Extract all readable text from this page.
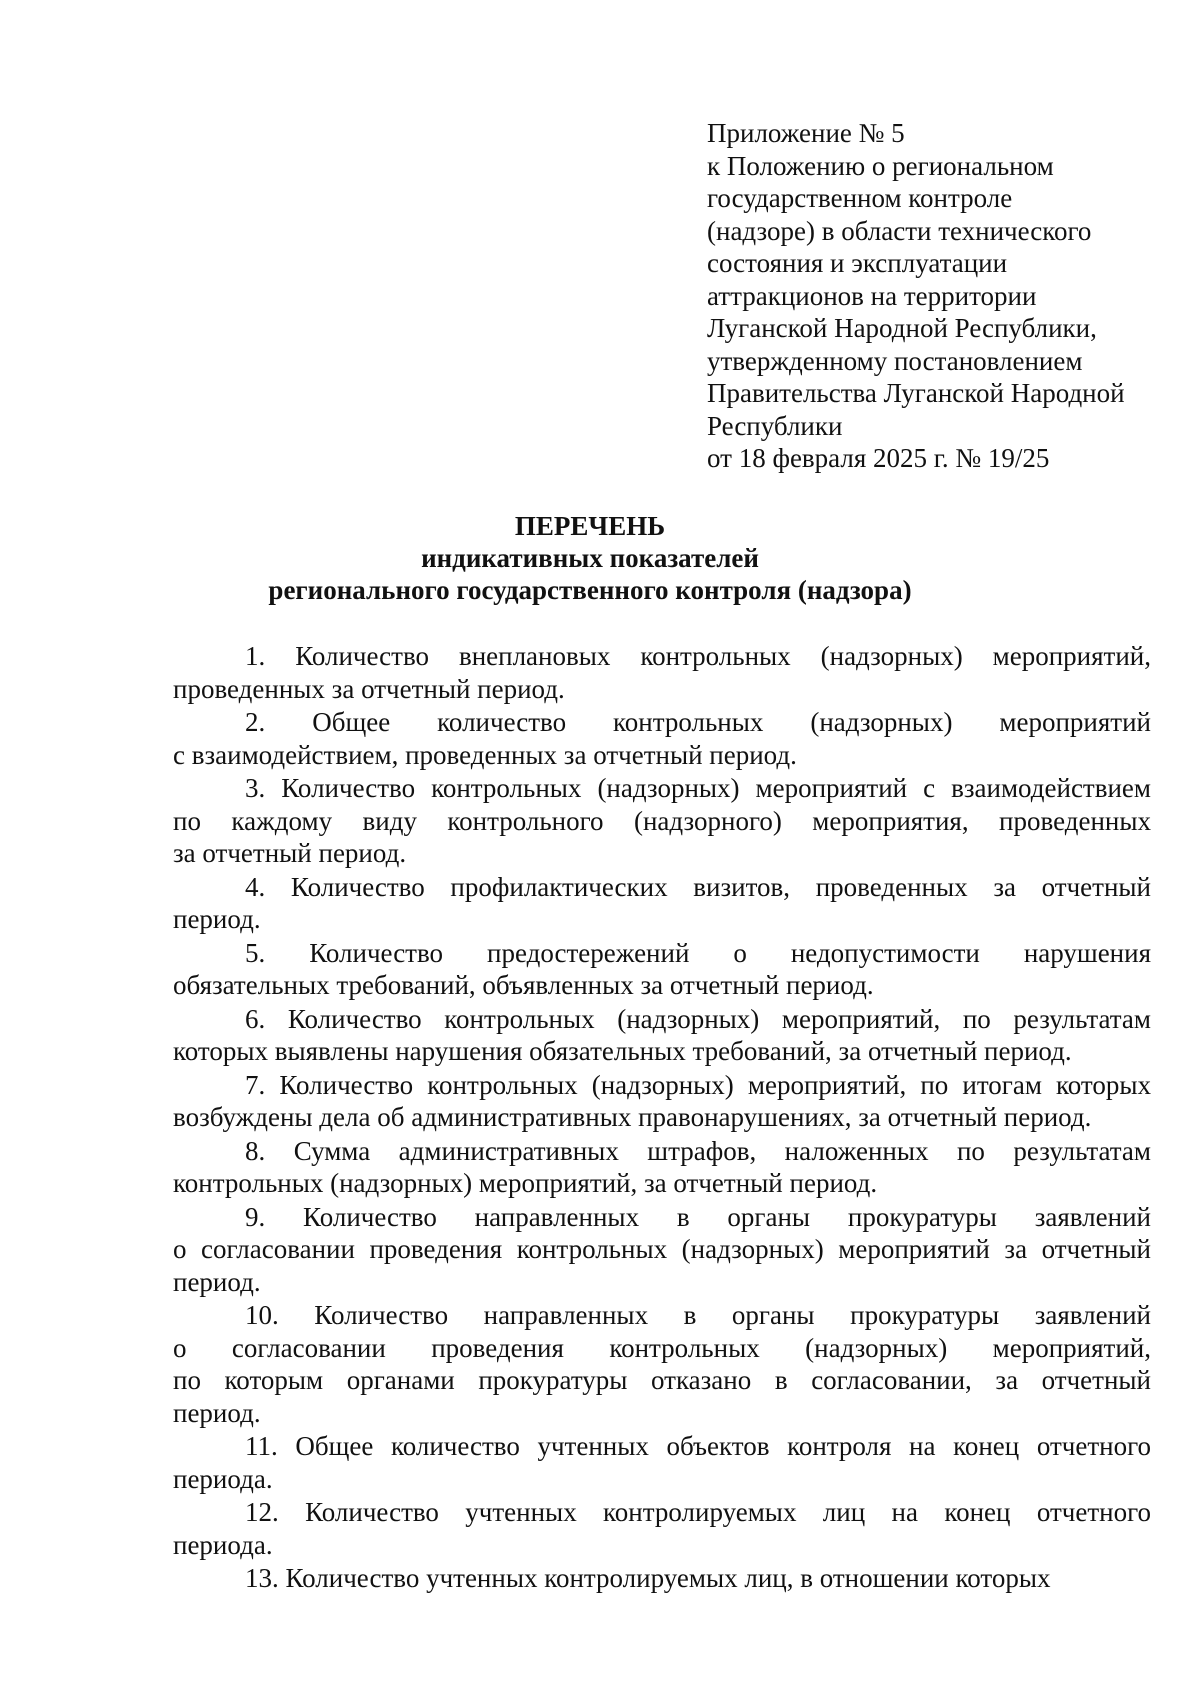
Приложение № 5
к Положению о региональном
государственном контроле
(надзоре) в области технического
состояния и эксплуатации
аттракционов на территории
Луганской Народной Республики,
утвержденному постановлением
Правительства Луганской Народной
Республики
от 18 февраля 2025 г. № 19/25
ПЕРЕЧЕНЬ
индикативных показателей
регионального государственного контроля (надзора)
1. Количество внеплановых контрольных (надзорных) мероприятий,
проведенных за отчетный период.
2. Общее количество контрольных (надзорных) мероприятий
с взаимодействием, проведенных за отчетный период.
3. Количество контрольных (надзорных) мероприятий с взаимодействием
по каждому виду контрольного (надзорного) мероприятия, проведенных
за отчетный период.
4. Количество профилактических визитов, проведенных за отчетный
период.
5. Количество предостережений о недопустимости нарушения
обязательных требований, объявленных за отчетный период.
6. Количество контрольных (надзорных) мероприятий, по результатам
которых выявлены нарушения обязательных требований, за отчетный период.
7. Количество контрольных (надзорных) мероприятий, по итогам которых
возбуждены дела об административных правонарушениях, за отчетный период.
8. Сумма административных штрафов, наложенных по результатам
контрольных (надзорных) мероприятий, за отчетный период.
9. Количество направленных в органы прокуратуры заявлений
о согласовании проведения контрольных (надзорных) мероприятий за отчетный
период.
10. Количество направленных в органы прокуратуры заявлений
о согласовании проведения контрольных (надзорных) мероприятий,
по которым органами прокуратуры отказано в согласовании, за отчетный
период.
11. Общее количество учтенных объектов контроля на конец отчетного
периода.
12. Количество учтенных контролируемых лиц на конец отчетного
периода.
13. Количество учтенных контролируемых лиц, в отношении которых
